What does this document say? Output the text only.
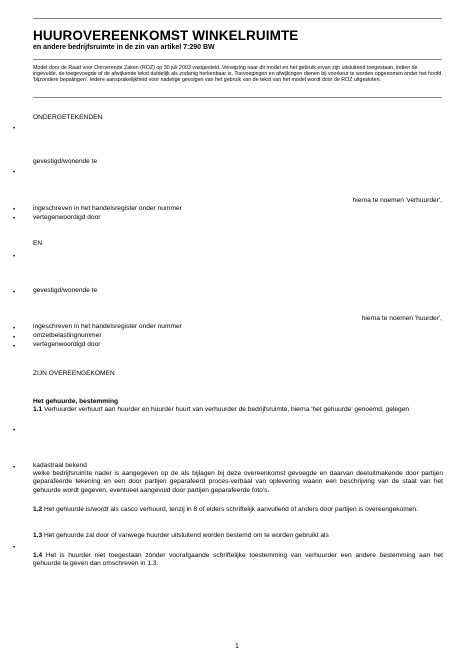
HUUROVEREENKOMST WINKELRUIMTE
en andere bedrijfsruimte in de zin van artikel 7:290 BW
Model door de Raad voor Onroerende Zaken (ROZ) op 30 juli 2003 vastgesteld. Verwijzing naar dit model en het gebruik ervan zijn uitsluitend toegestaan, indien de ingevulde, de toegevoegde of de afwijkende tekst duidelijk als zodanig herkenbaar is. Toevoegingen en afwijkingen dienen bij voorkeur te worden opgenomen onder het hoofd 'bijzondere bepalingen'. Iedere aansprakelijkheid voor nadelige gevolgen van het gebruik van de tekst van het model wordt door de ROZ uitgesloten.
ONDERGETEKENDEN
•
gevestigd/wonende te
•
hierna te noemen 'verhuurder',
•	ingeschreven in het handelsregister onder nummer
•	vertegenwoordigd door
EN
•
•	gevestigd/wonende te
hierna te noemen 'huurder',
•	ingeschreven in het handelsregister onder nummer
•	omzetbelastingnummer
•	vertegenwoordigd door
ZIJN OVEREENGEKOMEN
Het gehuurde, bestemming
1.1 Verhuurder verhuurt aan huurder en huurder huurt van verhuurder de bedrijfsruimte, hierna 'het gehuurde' genoemd, gelegen
•
•	kadastraal bekend
welke bedrijfsruimte nader is aangegeven op de als bijlagen bij deze overeenkomst gevoegde en daarvan deeluitmakende door partijen geparafeerde tekening en een door partijen geparafeerd proces-verbaal van oplevering waarin een beschrijving van de staat van het gehuurde wordt gegeven, eventueel aangevuld door partijen geparafeerde foto's.
1.2 Het gehuurde is/wordt als casco verhuurd, tenzij in 8 of elders schriftelijk aanvullend of anders door partijen is overeengekomen.
1.3 Het gehuurde zal door of vanwege huurder uitsluitend worden bestemd om te worden gebruikt als
•
1.4 Het is huurder niet toegestaan zonder voorafgaande schriftelijke toestemming van verhuurder een andere bestemming aan het gehuurde te geven dan omschreven in 1.3.
1
